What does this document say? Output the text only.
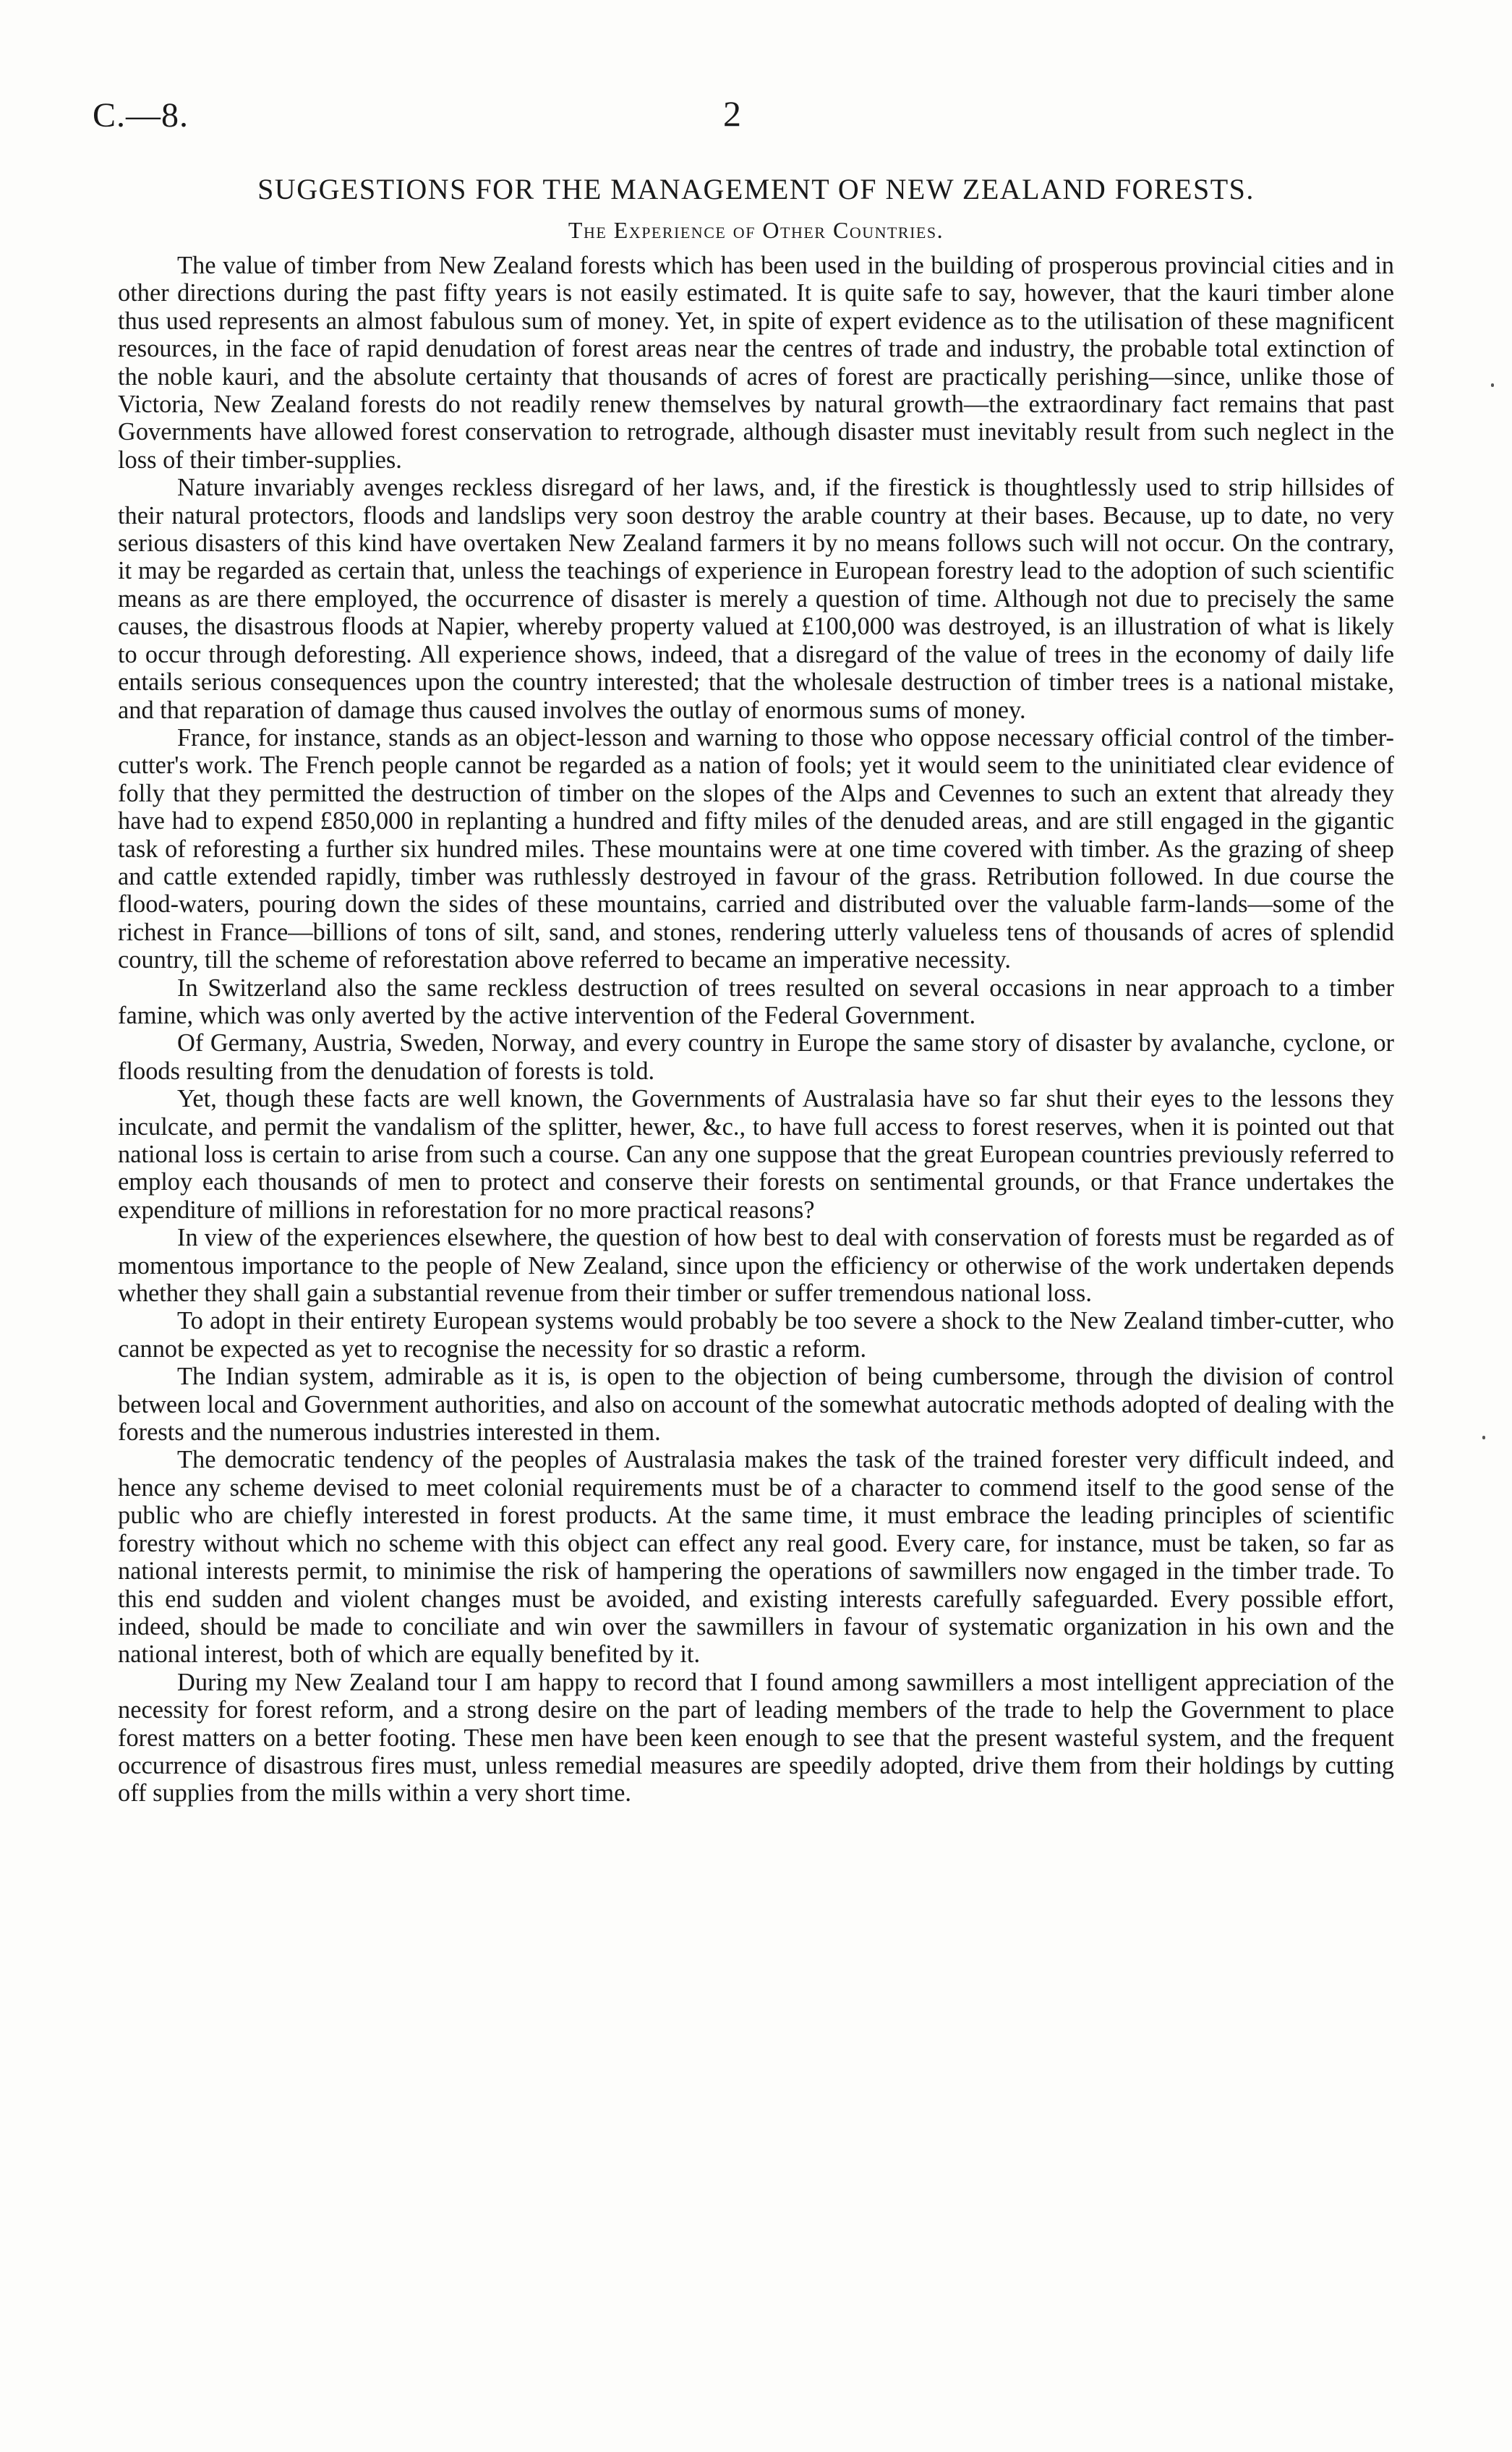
C.—8.	2
SUGGESTIONS FOR THE MANAGEMENT OF NEW ZEALAND FORESTS.
The Experience of Other Countries.

The value of timber from New Zealand forests which has been used in the building of prosperous provincial cities and in other directions during the past fifty years is not easily estimated. It is quite safe to say, however, that the kauri timber alone thus used represents an almost fabulous sum of money. Yet, in spite of expert evidence as to the utilisation of these magnificent resources, in the face of rapid denudation of forest areas near the centres of trade and industry, the probable total extinction of the noble kauri, and the absolute certainty that thousands of acres of forest are practically perishing—since, unlike those of Victoria, New Zealand forests do not readily renew themselves by natural growth—the extraordinary fact remains that past Governments have allowed forest conservation to retrograde, although disaster must inevitably result from such neglect in the loss of their timber-supplies.

Nature invariably avenges reckless disregard of her laws, and, if the firestick is thoughtlessly used to strip hillsides of their natural protectors, floods and landslips very soon destroy the arable country at their bases. Because, up to date, no very serious disasters of this kind have overtaken New Zealand farmers it by no means follows such will not occur. On the contrary, it may be regarded as certain that, unless the teachings of experience in European forestry lead to the adoption of such scientific means as are there employed, the occurrence of disaster is merely a question of time. Although not due to precisely the same causes, the disastrous floods at Napier, whereby property valued at £100,000 was destroyed, is an illustration of what is likely to occur through deforesting. All experience shows, indeed, that a disregard of the value of trees in the economy of daily life entails serious consequences upon the country interested; that the wholesale destruction of timber trees is a national mistake, and that reparation of damage thus caused involves the outlay of enormous sums of money.

France, for instance, stands as an object-lesson and warning to those who oppose necessary official control of the timber-cutter's work. The French people cannot be regarded as a nation of fools; yet it would seem to the uninitiated clear evidence of folly that they permitted the destruction of timber on the slopes of the Alps and Cevennes to such an extent that already they have had to expend £850,000 in replanting a hundred and fifty miles of the denuded areas, and are still engaged in the gigantic task of reforesting a further six hundred miles. These mountains were at one time covered with timber. As the grazing of sheep and cattle extended rapidly, timber was ruthlessly destroyed in favour of the grass. Retribution followed. In due course the flood-waters, pouring down the sides of these mountains, carried and distributed over the valuable farm-lands—some of the richest in France—billions of tons of silt, sand, and stones, rendering utterly valueless tens of thousands of acres of splendid country, till the scheme of reforestation above referred to became an imperative necessity.

In Switzerland also the same reckless destruction of trees resulted on several occasions in near approach to a timber famine, which was only averted by the active intervention of the Federal Government.

Of Germany, Austria, Sweden, Norway, and every country in Europe the same story of disaster by avalanche, cyclone, or floods resulting from the denudation of forests is told.

Yet, though these facts are well known, the Governments of Australasia have so far shut their eyes to the lessons they inculcate, and permit the vandalism of the splitter, hewer, &c., to have full access to forest reserves, when it is pointed out that national loss is certain to arise from such a course. Can any one suppose that the great European countries previously referred to employ each thousands of men to protect and conserve their forests on sentimental grounds, or that France undertakes the expenditure of millions in reforestation for no more practical reasons?

In view of the experiences elsewhere, the question of how best to deal with conservation of forests must be regarded as of momentous importance to the people of New Zealand, since upon the efficiency or otherwise of the work undertaken depends whether they shall gain a substantial revenue from their timber or suffer tremendous national loss.

To adopt in their entirety European systems would probably be too severe a shock to the New Zealand timber-cutter, who cannot be expected as yet to recognise the necessity for so drastic a reform.

The Indian system, admirable as it is, is open to the objection of being cumbersome, through the division of control between local and Government authorities, and also on account of the somewhat autocratic methods adopted of dealing with the forests and the numerous industries interested in them.

The democratic tendency of the peoples of Australasia makes the task of the trained forester very difficult indeed, and hence any scheme devised to meet colonial requirements must be of a character to commend itself to the good sense of the public who are chiefly interested in forest products. At the same time, it must embrace the leading principles of scientific forestry without which no scheme with this object can effect any real good. Every care, for instance, must be taken, so far as national interests permit, to minimise the risk of hampering the operations of sawmillers now engaged in the timber trade. To this end sudden and violent changes must be avoided, and existing interests carefully safeguarded. Every possible effort, indeed, should be made to conciliate and win over the sawmillers in favour of systematic organization in his own and the national interest, both of which are equally benefited by it.

During my New Zealand tour I am happy to record that I found among sawmillers a most intelligent appreciation of the necessity for forest reform, and a strong desire on the part of leading members of the trade to help the Government to place forest matters on a better footing. These men have been keen enough to see that the present wasteful system, and the frequent occurrence of disastrous fires must, unless remedial measures are speedily adopted, drive them from their holdings by cutting off supplies from the mills within a very short time.
